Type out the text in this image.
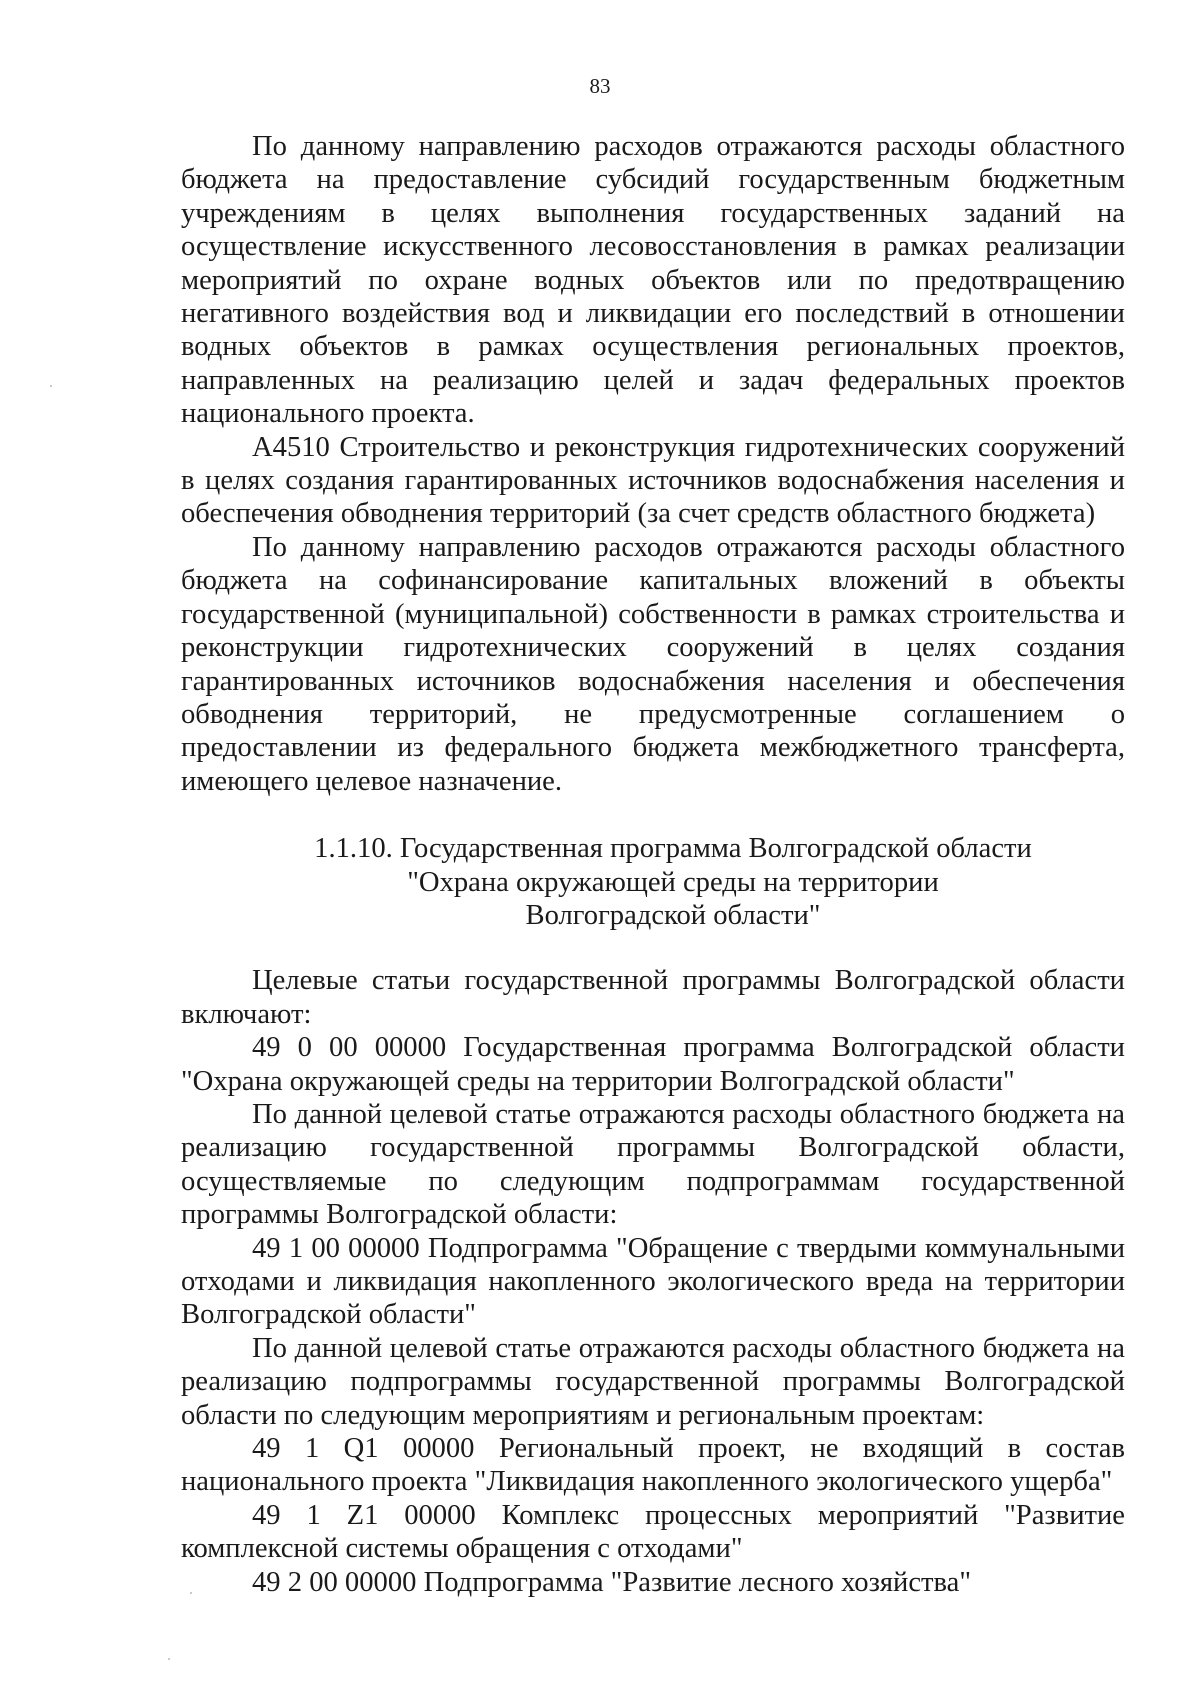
83

По данному направлению расходов отражаются расходы областного бюджета на предоставление субсидий государственным бюджетным учреждениям в целях выполнения государственных заданий на осуществление искусственного лесовосстановления в рамках реализации мероприятий по охране водных объектов или по предотвращению негативного воздействия вод и ликвидации его последствий в отношении водных объектов в рамках осуществления региональных проектов, направленных на реализацию целей и задач федеральных проектов национального проекта.

А4510 Строительство и реконструкция гидротехнических сооружений в целях создания гарантированных источников водоснабжения населения и обеспечения обводнения территорий (за счет средств областного бюджета)

По данному направлению расходов отражаются расходы областного бюджета на софинансирование капитальных вложений в объекты государственной (муниципальной) собственности в рамках строительства и реконструкции гидротехнических сооружений в целях создания гарантированных источников водоснабжения населения и обеспечения обводнения территорий, не предусмотренные соглашением о предоставлении из федерального бюджета межбюджетного трансферта, имеющего целевое назначение.

1.1.10. Государственная программа Волгоградской области
"Охрана окружающей среды на территории
Волгоградской области"

Целевые статьи государственной программы Волгоградской области включают:

49 0 00 00000 Государственная программа Волгоградской области "Охрана окружающей среды на территории Волгоградской области"

По данной целевой статье отражаются расходы областного бюджета на реализацию государственной программы Волгоградской области, осуществляемые по следующим подпрограммам государственной программы Волгоградской области:

49 1 00 00000 Подпрограмма "Обращение с твердыми коммунальными отходами и ликвидация накопленного экологического вреда на территории Волгоградской области"

По данной целевой статье отражаются расходы областного бюджета на реализацию подпрограммы государственной программы Волгоградской области по следующим мероприятиям и региональным проектам:

49 1 Q1 00000 Региональный проект, не входящий в состав национального проекта "Ликвидация накопленного экологического ущерба"

49 1 Z1 00000 Комплекс процессных мероприятий "Развитие комплексной системы обращения с отходами"

49 2 00 00000 Подпрограмма "Развитие лесного хозяйства"
